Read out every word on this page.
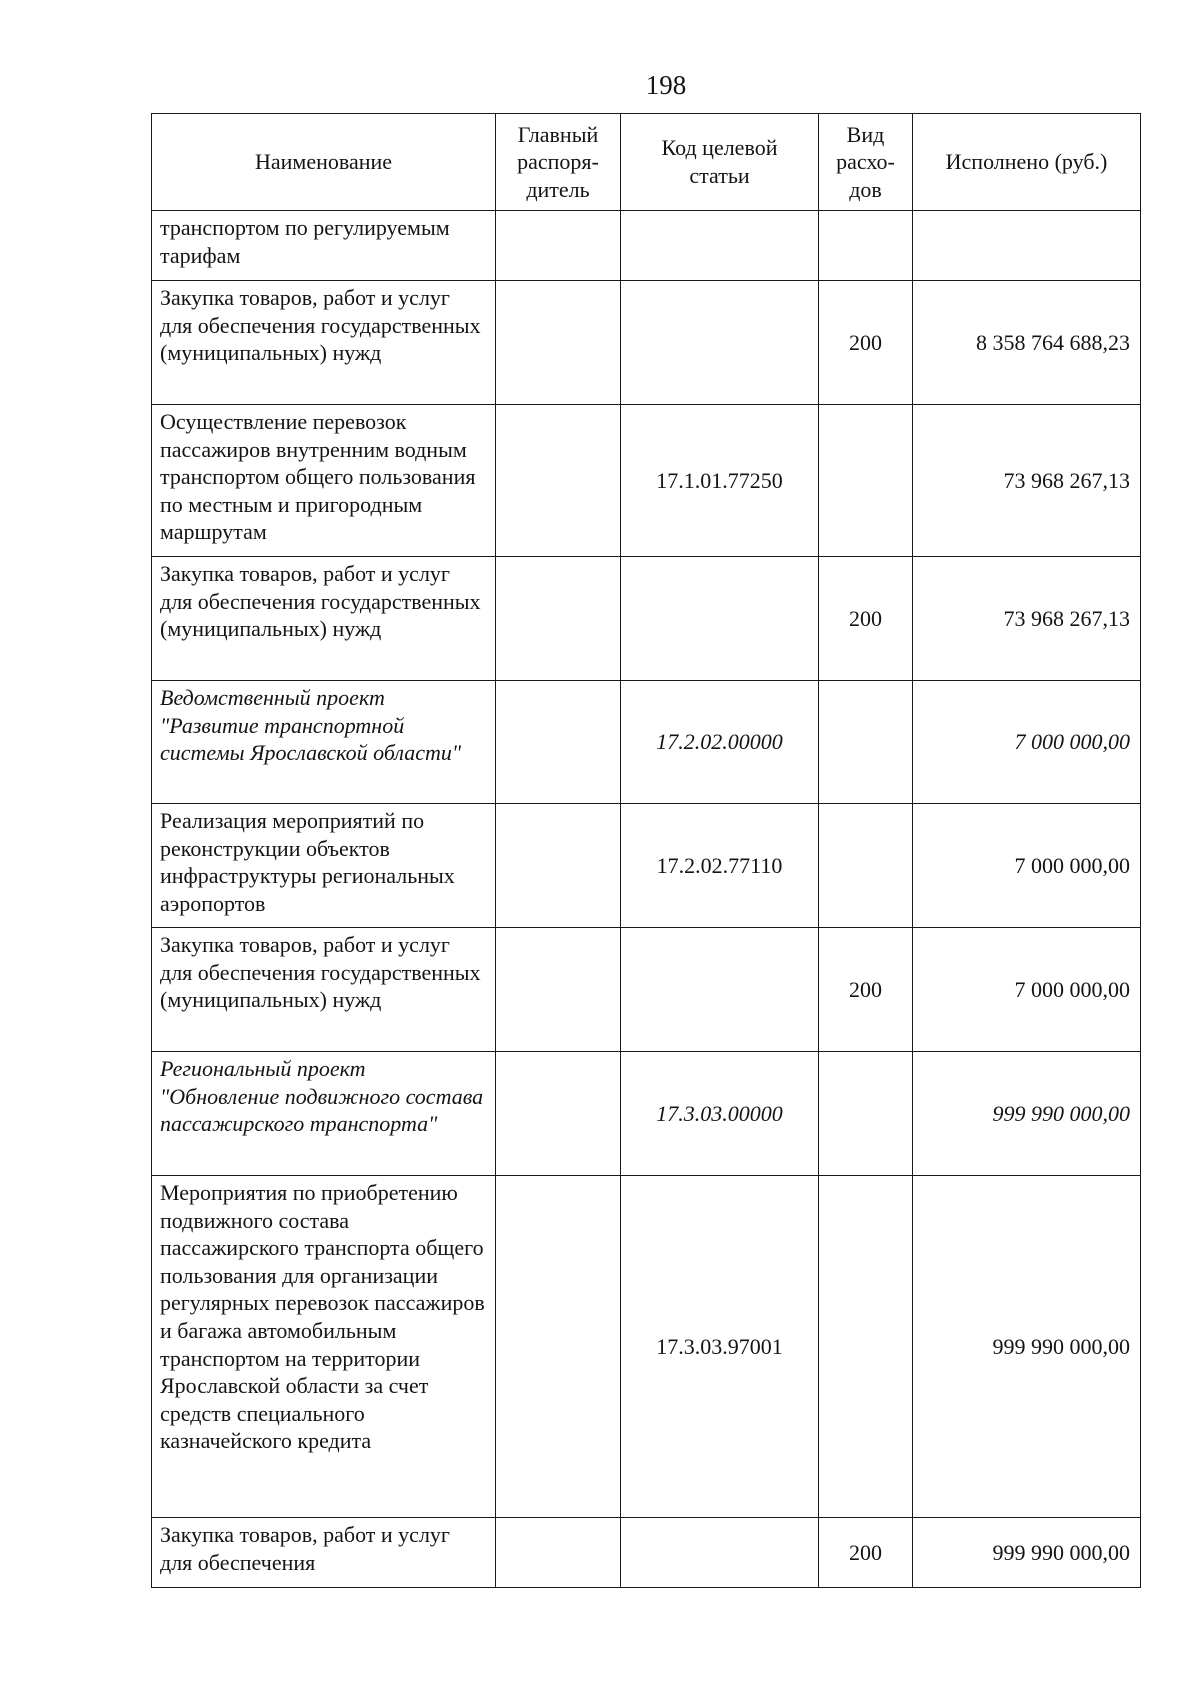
198
Наименование	Главный распоря-дитель	Код целевой статьи	Вид расхо-дов	Исполнено (руб.)
транспортом по регулируемым тарифам				
Закупка товаров, работ и услуг для обеспечения государственных (муниципальных) нужд			200	8 358 764 688,23
Осуществление перевозок пассажиров внутренним водным транспортом общего пользования по местным и пригородным маршрутам		17.1.01.77250		73 968 267,13
Закупка товаров, работ и услуг для обеспечения государственных (муниципальных) нужд			200	73 968 267,13
Ведомственный проект "Развитие транспортной системы Ярославской области"		17.2.02.00000		7 000 000,00
Реализация мероприятий по реконструкции объектов инфраструктуры региональных аэропортов		17.2.02.77110		7 000 000,00
Закупка товаров, работ и услуг для обеспечения государственных (муниципальных) нужд			200	7 000 000,00
Региональный проект "Обновление подвижного состава пассажирского транспорта"		17.3.03.00000		999 990 000,00
Мероприятия по приобретению подвижного состава пассажирского транспорта общего пользования для организации регулярных перевозок пассажиров и багажа автомобильным транспортом на территории Ярославской области за счет средств специального казначейского кредита		17.3.03.97001		999 990 000,00
Закупка товаров, работ и услуг для обеспечения			200	999 990 000,00
